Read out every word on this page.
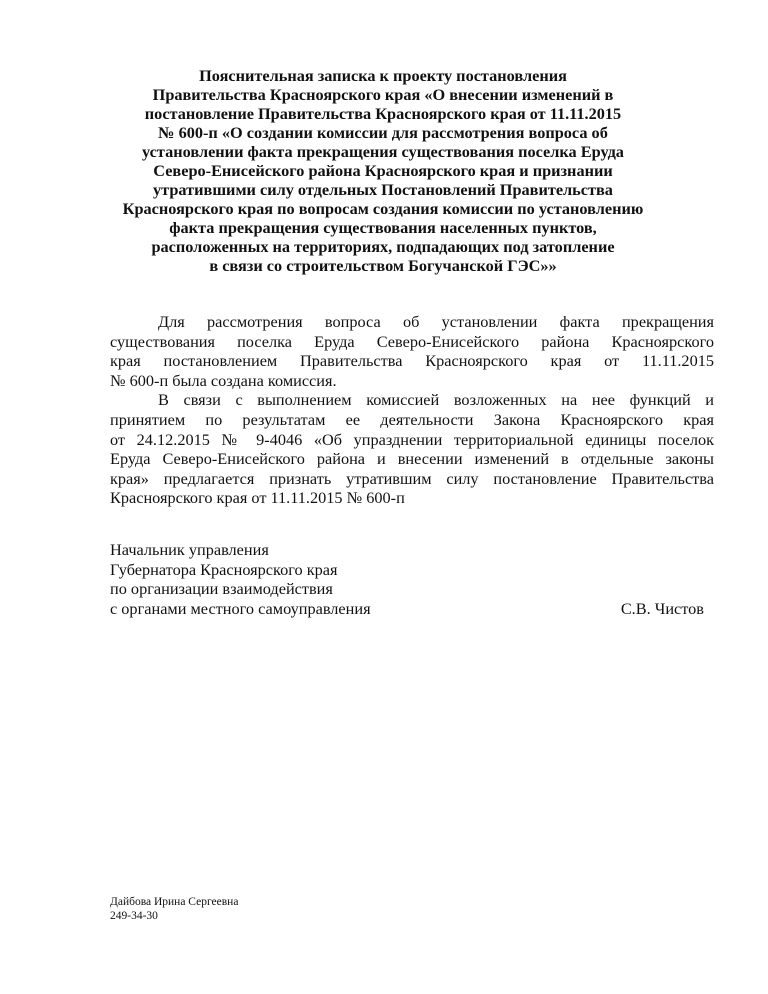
Пояснительная записка к проекту постановления
Правительства Красноярского края «О внесении изменений в
постановление Правительства Красноярского края от 11.11.2015
№ 600-п «О создании комиссии для рассмотрения вопроса об
установлении факта прекращения существования поселка Еруда
Северо-Енисейского района Красноярского края и признании
утратившими силу отдельных Постановлений Правительства
Красноярского края по вопросам создания комиссии по установлению
факта прекращения существования населенных пунктов,
расположенных на территориях, подпадающих под затопление
в связи со строительством Богучанской ГЭС»»
Для рассмотрения вопроса об установлении факта прекращения
существования поселка Еруда Северо-Енисейского района Красноярского
края постановлением Правительства Красноярского края от 11.11.2015
№ 600-п была создана комиссия.
В связи с выполнением комиссией возложенных на нее функций и
принятием по результатам ее деятельности Закона Красноярского края
от 24.12.2015 № 9-4046 «Об упразднении территориальной единицы поселок
Еруда Северо-Енисейского района и внесении изменений в отдельные законы
края» предлагается признать утратившим силу постановление Правительства
Красноярского края от 11.11.2015 № 600-п
Начальник управления
Губернатора Красноярского края
по организации взаимодействия
с органами местного самоуправления	С.В. Чистов
Дайбова Ирина Сергеевна
249-34-30
